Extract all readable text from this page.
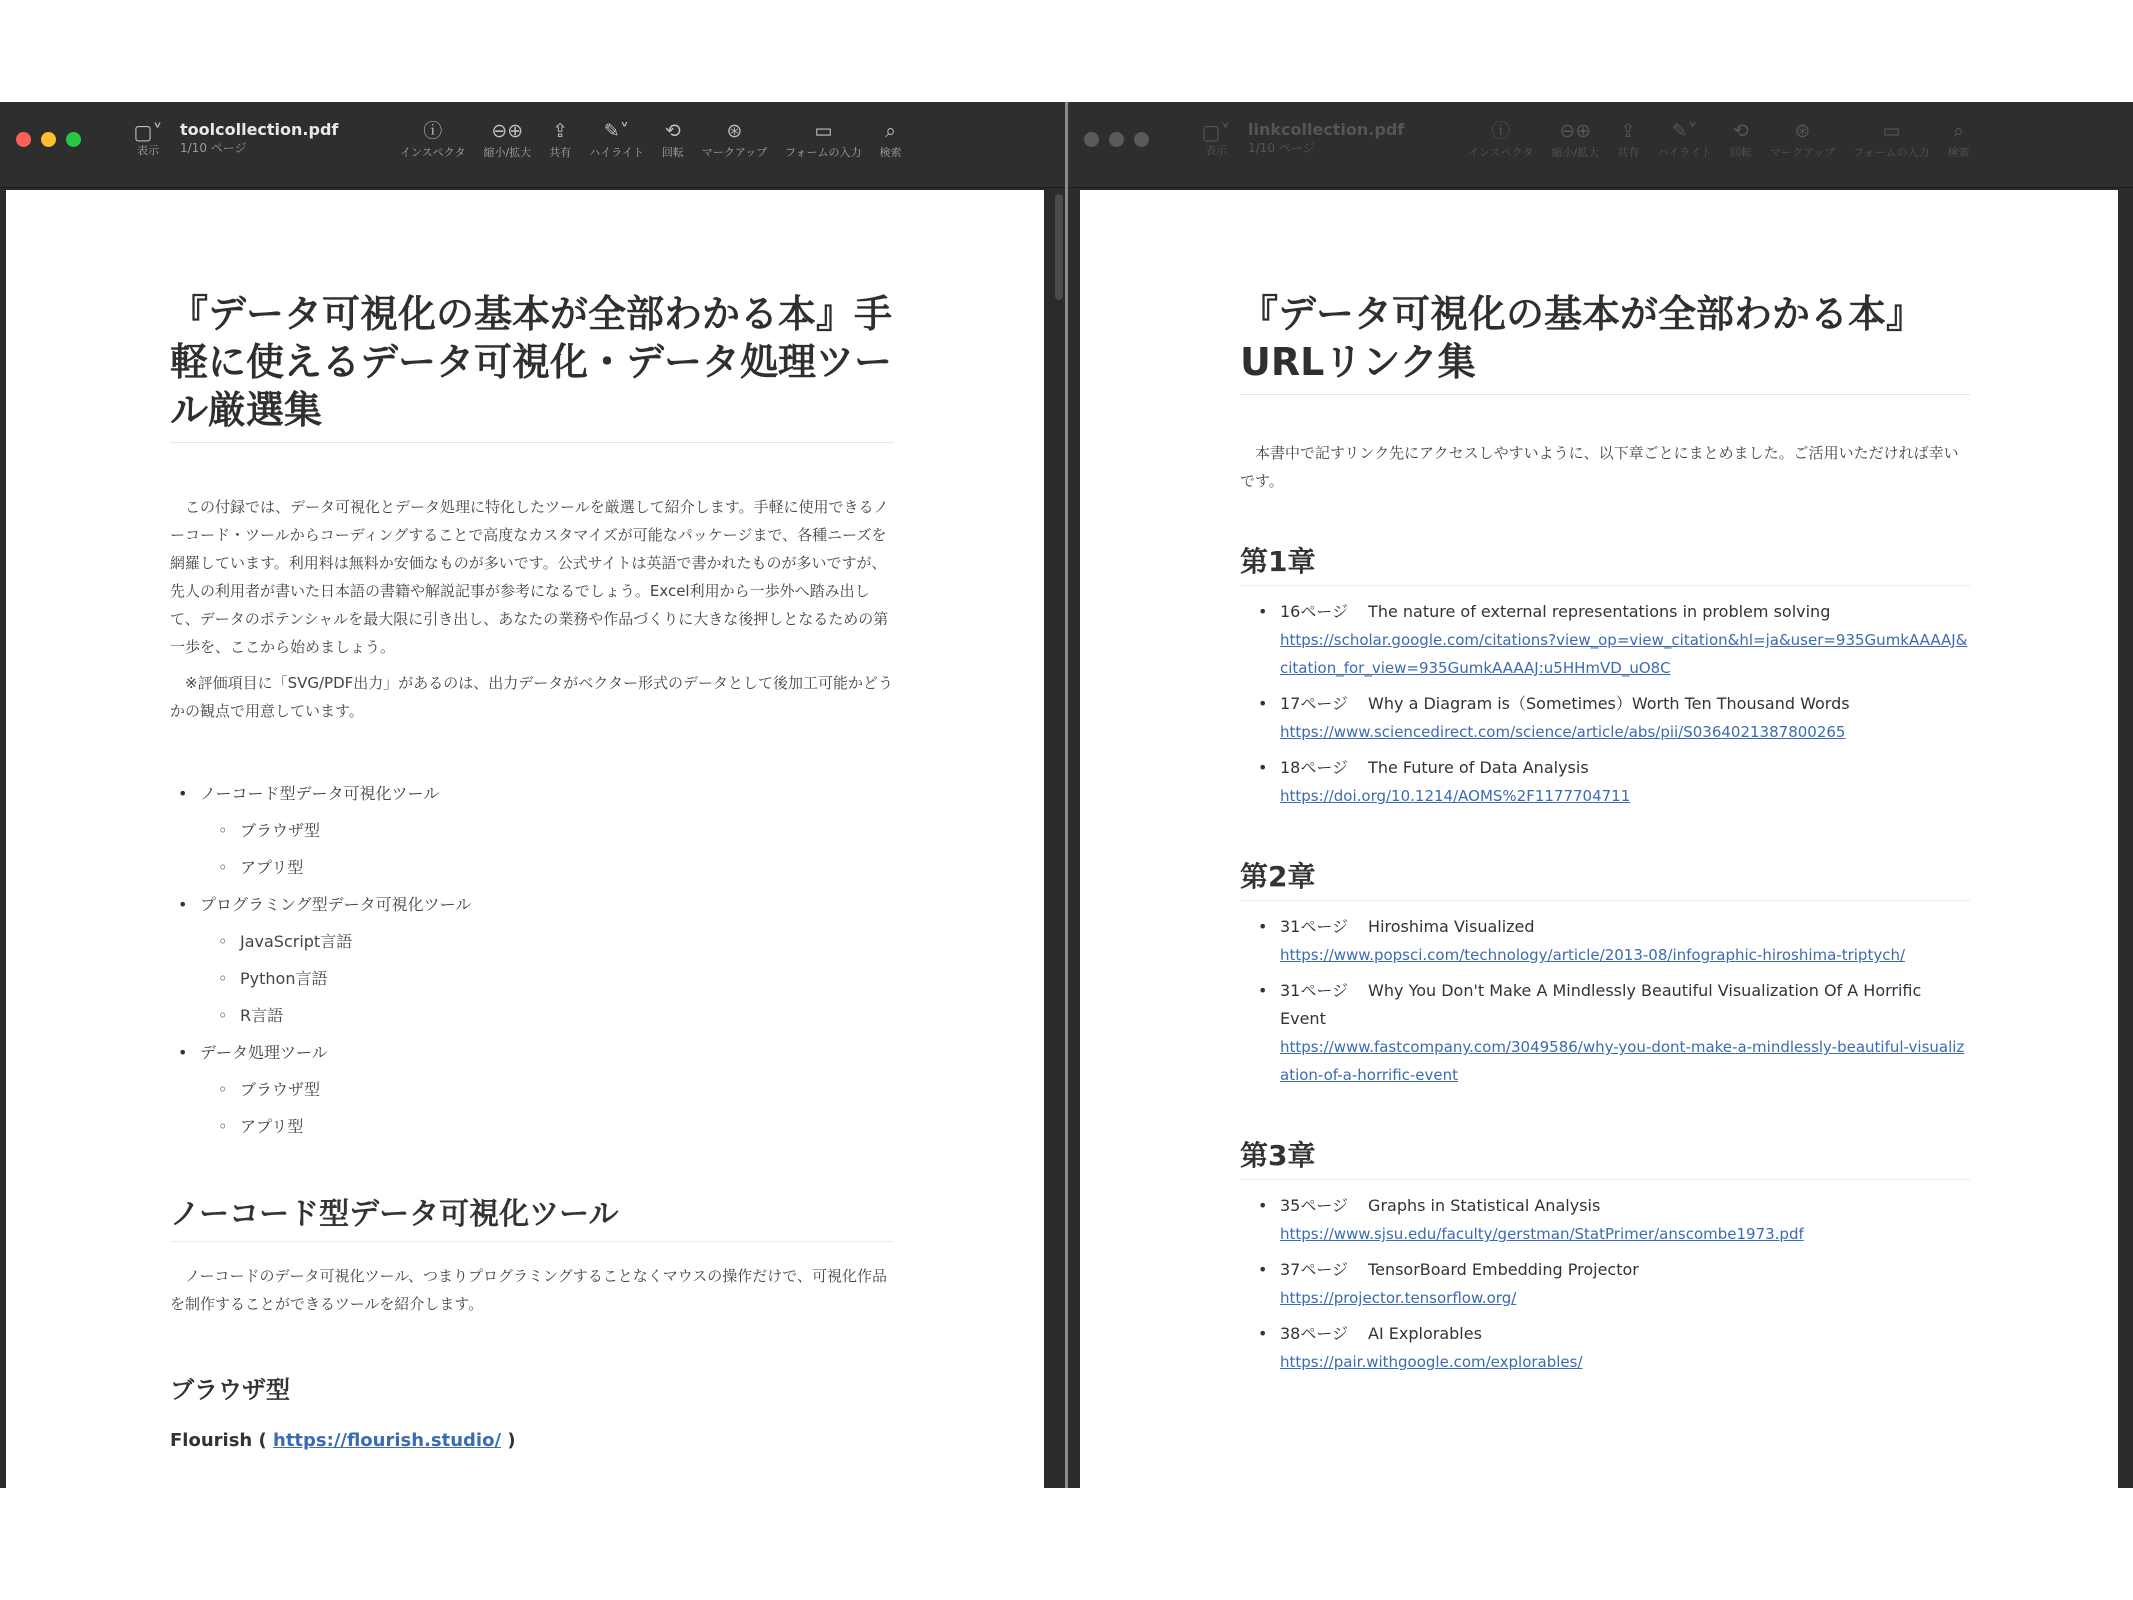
▢˅
表示
toolcollection.pdf
1/10 ページ
ⓘ
インスペクタ
⊖⊕
縮小/拡大
⇪
共有
✎˅
ハイライト
⟲
回転
⊛
マークアップ
▭
フォームの入力
⌕
検索
『データ可視化の基本が全部わかる本』手軽に使えるデータ可視化・データ処理ツール厳選集

この付録では、データ可視化とデータ処理に特化したツールを厳選して紹介します。手軽に使用できるノーコード・ツールからコーディングすることで高度なカスタマイズが可能なパッケージまで、各種ニーズを網羅しています。利用料は無料か安価なものが多いです。公式サイトは英語で書かれたものが多いですが、先人の利用者が書いた日本語の書籍や解説記事が参考になるでしょう。Excel利用から一歩外へ踏み出して、データのポテンシャルを最大限に引き出し、あなたの業務や作品づくりに大きな後押しとなるための第一歩を、ここから始めましょう。

※評価項目に「SVG/PDF出力」があるのは、出力データがベクター形式のデータとして後加工可能かどうかの観点で用意しています。

• ノーコード型データ可視化ツール
◦ ブラウザ型
◦ アプリ型
• プログラミング型データ可視化ツール
◦ JavaScript言語
◦ Python言語
◦ R言語
• データ処理ツール
◦ ブラウザ型
◦ アプリ型
ノーコード型データ可視化ツール

ノーコードのデータ可視化ツール、つまりプログラミングすることなくマウスの操作だけで、可視化作品を制作することができるツールを紹介します。

ブラウザ型
Flourish ( https://flourish.studio/ )
▢˅
表示
linkcollection.pdf
1/10 ページ
ⓘ
インスペクタ
⊖⊕
縮小/拡大
⇪
共有
✎˅
ハイライト
⟲
回転
⊛
マークアップ
▭
フォームの入力
⌕
検索
『データ可視化の基本が全部わかる本』URLリンク集

本書中で記すリンク先にアクセスしやすいように、以下章ごとにまとめました。ご活用いただければ幸いです。

第1章
• 16ページ The nature of external representations in problem solving
https://scholar.google.com/citations?view_op=view_citation&hl=ja&user=935GumkAAAAJ&citation_for_view=935GumkAAAAJ:u5HHmVD_uO8C
• 17ページ Why a Diagram is（Sometimes）Worth Ten Thousand Words
https://www.sciencedirect.com/science/article/abs/pii/S0364021387800265
• 18ページ The Future of Data Analysis
https://doi.org/10.1214/AOMS%2F1177704711
第2章
• 31ページ Hiroshima Visualized
https://www.popsci.com/technology/article/2013-08/infographic-hiroshima-triptych/
• 31ページ Why You Don't Make A Mindlessly Beautiful Visualization Of A Horrific Event
https://www.fastcompany.com/3049586/why-you-dont-make-a-mindlessly-beautiful-visualization-of-a-horrific-event
第3章
• 35ページ Graphs in Statistical Analysis
https://www.sjsu.edu/faculty/gerstman/StatPrimer/anscombe1973.pdf
• 37ページ TensorBoard Embedding Projector
https://projector.tensorflow.org/
• 38ページ AI Explorables
https://pair.withgoogle.com/explorables/
